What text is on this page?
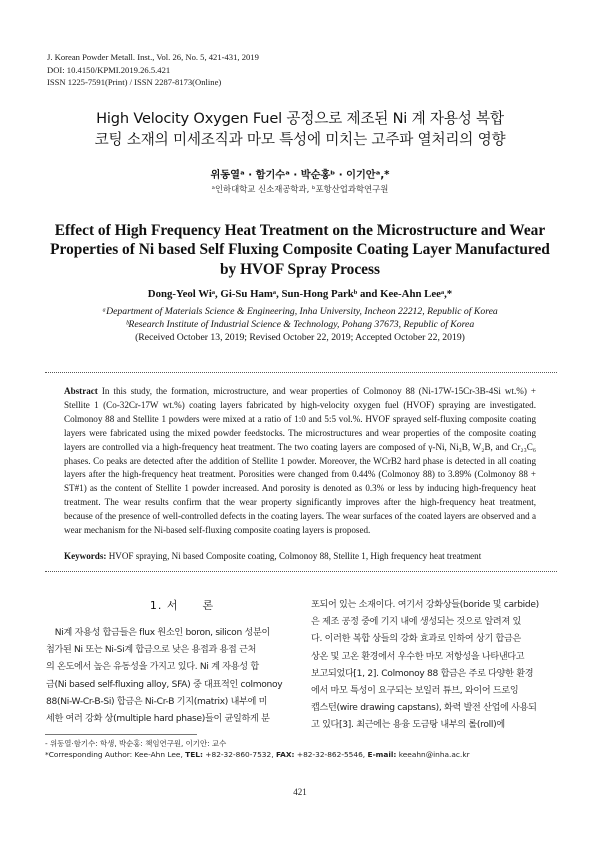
J. Korean Powder Metall. Inst., Vol. 26, No. 5, 421-431, 2019
DOI: 10.4150/KPMI.2019.26.5.421
ISSN 1225-7591(Print) / ISSN 2287-8173(Online)
High Velocity Oxygen Fuel 공정으로 제조된 Ni 계 자용성 복합
코팅 소재의 미세조직과 마모 특성에 미치는 고주파 열처리의 영향
위동열ᵃ · 함기수ᵃ · 박순홍ᵇ · 이기안ᵃ,*
ᵃ인하대학교 신소재공학과, ᵇ포항산업과학연구원
Effect of High Frequency Heat Treatment on the Microstructure and Wear
Properties of Ni based Self Fluxing Composite Coating Layer Manufactured
by HVOF Spray Process
Dong-Yeol Wiᵃ, Gi-Su Hamᵃ, Sun-Hong Parkᵇ and Kee-Ahn Leeᵃ,*
ᵃDepartment of Materials Science & Engineering, Inha University, Incheon 22212, Republic of Korea
ᵇResearch Institute of Industrial Science & Technology, Pohang 37673, Republic of Korea
(Received October 13, 2019; Revised October 22, 2019; Accepted October 22, 2019)
Abstract In this study, the formation, microstructure, and wear properties of Colmonoy 88 (Ni-17W-15Cr-3B-4Si wt.%) + Stellite 1 (Co-32Cr-17W wt.%) coating layers fabricated by high-velocity oxygen fuel (HVOF) spraying are investigated. Colmonoy 88 and Stellite 1 powders were mixed at a ratio of 1:0 and 5:5 vol.%. HVOF sprayed self-fluxing composite coating layers were fabricated using the mixed powder feedstocks. The microstructures and wear properties of the composite coating layers are controlled via a high-frequency heat treatment. The two coating layers are composed of γ-Ni, Ni₃B, W₂B, and Cr₂₃C₆ phases. Co peaks are detected after the addition of Stellite 1 powder. Moreover, the WCrB2 hard phase is detected in all coating layers after the high-frequency heat treatment. Porosities were changed from 0.44% (Colmonoy 88) to 3.89% (Colmonoy 88 + ST#1) as the content of Stellite 1 powder increased. And porosity is denoted as 0.3% or less by inducing high-frequency heat treatment. The wear results confirm that the wear property significantly improves after the high-frequency heat treatment, because of the presence of well-controlled defects in the coating layers. The wear surfaces of the coated layers are observed and a wear mechanism for the Ni-based self-fluxing composite coating layers is proposed.
Keywords: HVOF spraying, Ni based Composite coating, Colmonoy 88, Stellite 1, High frequency heat treatment
1. 서　　론
　Ni계 자용성 합금들은 flux 원소인 boron, silicon 성분이
첨가된 Ni 또는 Ni-Si계 합금으로 낮은 용접과 용접 근처
의 온도에서 높은 유동성을 가지고 있다. Ni 계 자용성 합
금(Ni based self-fluxing alloy, SFA) 중 대표적인 colmonoy
88(Ni-W-Cr-B-Si) 합금은 Ni-Cr-B 기지(matrix) 내부에 미
세한 여러 강화 상(multiple hard phase)들이 균일하게 분
포되어 있는 소재이다. 여기서 강화상들(boride 및 carbide)
은 제조 공정 중에 기지 내에 생성되는 것으로 알려져 있
다. 이러한 복합 상들의 강화 효과로 인하여 상기 합금은
상온 및 고온 환경에서 우수한 마모 저항성을 나타낸다고
보고되었다[1, 2]. Colmonoy 88 합금은 주로 다양한 환경
에서 마모 특성이 요구되는 보일러 튜브, 와이어 드로잉
캡스턴(wire drawing capstans), 화력 발전 산업에 사용되
고 있다[3]. 최근에는 용융 도금탕 내부의 롤(roll)에
- 위동열·함기수: 학생, 박순홍: 책임연구원, 이기안: 교수
*Corresponding Author: Kee-Ahn Lee, TEL: +82-32-860-7532, FAX: +82-32-862-5546, E-mail: keeahn@inha.ac.kr
421
